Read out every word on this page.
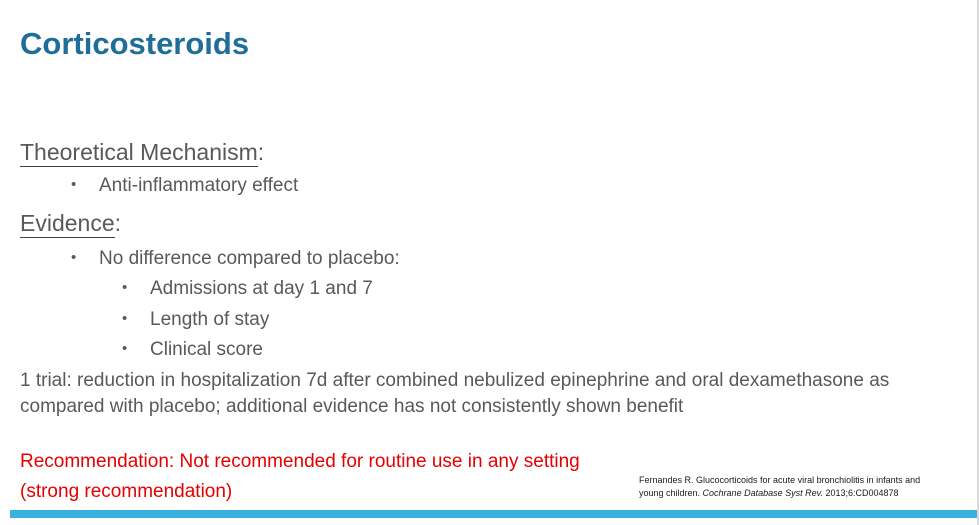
Corticosteroids
Theoretical Mechanism:
• Anti-inflammatory effect
Evidence:
• No difference compared to placebo:
• Admissions at day 1 and 7
• Length of stay
• Clinical score
1 trial: reduction in hospitalization 7d after combined nebulized epinephrine and oral dexamethasone as compared with placebo; additional evidence has not consistently shown benefit
Recommendation: Not recommended for routine use in any setting
(strong recommendation)
Fernandes R. Glucocorticoids for acute viral bronchiolitis in infants and
young children. Cochrane Database Syst Rev. 2013;6:CD004878
